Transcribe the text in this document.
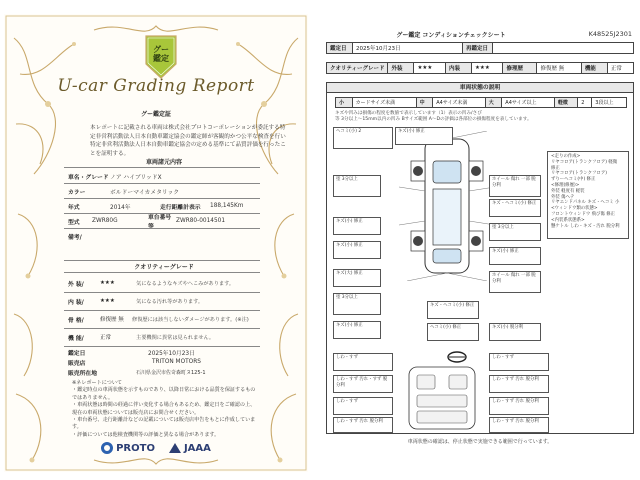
グー
鑑定
U-car Grading Report
グー鑑定証
本レポートに記載される車両は株式会社プロトコーポレーションが委託する特定非営利活動法人日本自動車鑑定協会の鑑定師が客観的かつ公平な検査を行い特定非営利活動法人日本自動車鑑定協会の定める基準にて品質評価を行ったことを証明する。
車両諸元内容
車名・グレード ノア ハイブリッドX
カラー	ボルドーマイカメタリック
年式	2014年	走行距離計表示	188,145Km
型式	ZWR80G	車台番号等
ZWR80-0014501
備考/
クオリティーグレード
外 装/	★★★	気になるようなキズやへこみがあります。
内 装/	★★★	気になる汚れ等があります。
骨 格/	修復歴 無	修復歴には該当しないダメージがあります。(※注)
機 能/	正常	主要機関に異常は見られません。
鑑定日	2025年10月23日
販売店	TRITON MOTORS
販売所在地	石川県金沢市佐奇森町ヌ125-1
※ネレポートについて
・鑑定時点の車両状態を示すものであり、以降日常における品質を保証するものではありません。
・車両状態は時間の経過に伴い変化する場合もあるため、鑑定日をご確認の上、現在の車両状態については販売店にお問合せください。
・車台番号、走行距離計などの記載については販売店申告をもとに作成しています。
・評価については他検査機関等の評価と異なる場合があります。
PROTO	JAAA
グー鑑定 コンディションチェックシート	K48525J2301
鑑定日	2025年10月23日	再鑑定日	
クオリティーグレード	外装	★★★	内装	★★★	修理歴	修復歴 無	機能	正常
車両状態の説明
小	カードサイズ未満	中	A4サイズ未満	大	A4サイズ以上	軽微	2	3段以上
キズや凹みは損傷の程度を数値で表示しています（1）表示の凹み/さび
等 3分以上～15mm以内の凹み Bサイズ範囲 A～Dの評価は各部位の損傷程度を表しています。
ヘコミ(小) 2	キズ(小) 修正
塗 3分以上	ホイール 傷れ 一部 脱分利
キズ(小) 修正
キズ・ヘコミ(小) 修正
キズ(小) 修正
塗 3分以上
キズ(大) 修正
キズ(小) 修正
塗 3分以上
ホイール 傷れ 一部 脱分利
キズ(小) 修正
キズ・ヘコミ(小) 修正
ヘコミ(小) 修正	キズ(小) 脱分利
<走りの作成>
リヤコロア(トランクフロア) 軽微
修正
リヤコロア(トランクフロア)
ずりーヘコミ(中) 修正
<修理(修歴)>
外装 軽度有 軽装
外装 傷ヘテ
リヤエンドパネル キズ・ヘコミ 小
<ウィンドウ類の状態>
フロントウィンドウ 飛び傷 修正
<内装系状態系>
懸ケトル しわ・キズ・汚れ 脱分利
しわ・すず
しわ・すず 汚れ・すず 脱分利
しわ・すず
しわ・すず 汚れ 脱分利
しわ・すず
しわ・すず 汚れ 脱分利
しわ・すず 汚れ 脱分利
しわ・すず 汚れ 脱分利
車両状態の確認は、停止状態で実施できる範囲で行っています。
